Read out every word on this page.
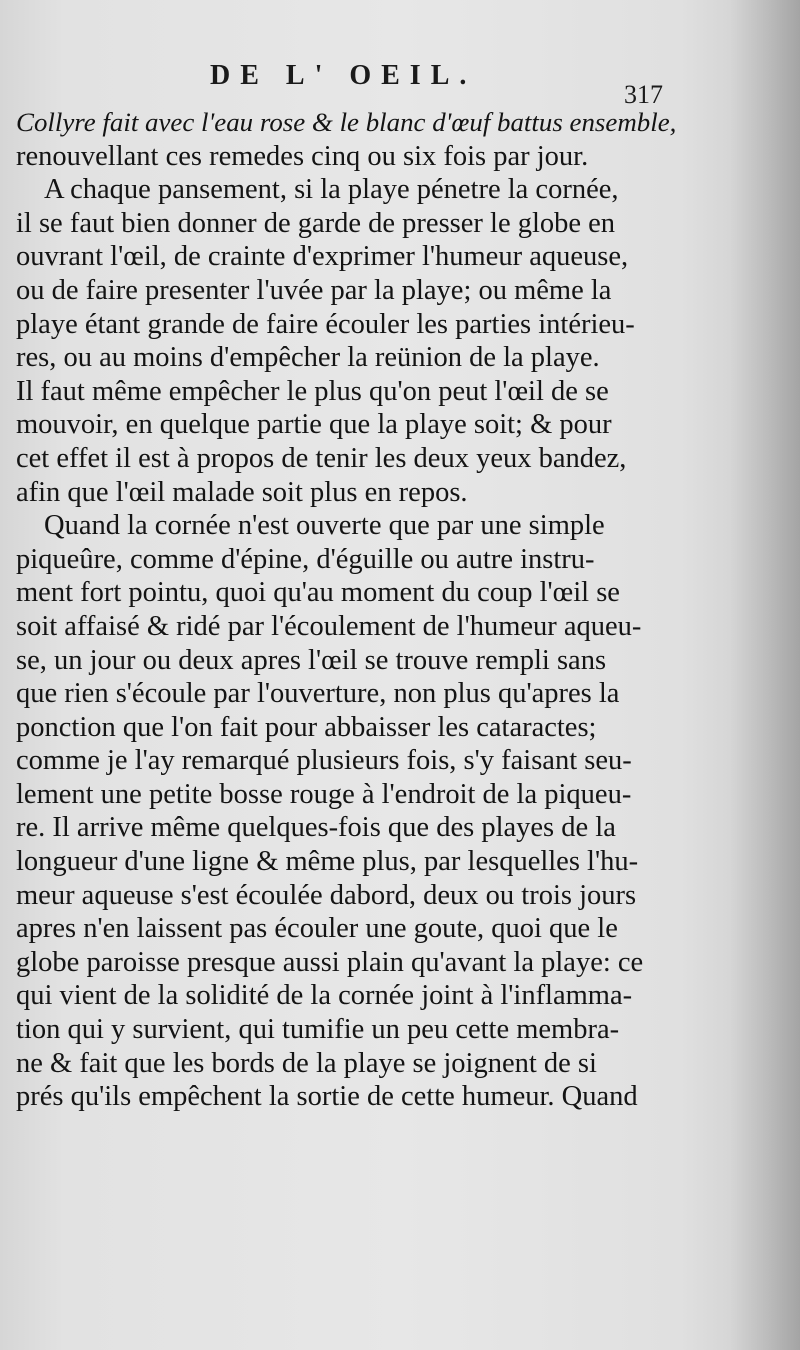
DE L' OEIL.
317
Collyre fait avec l'eau rose & le blanc d'œuf battus ensemble,
renouvellant ces remedes cinq ou six fois par jour.
A chaque pansement, si la playe pénetre la cornée,
il se faut bien donner de garde de presser le globe en
ouvrant l'œil, de crainte d'exprimer l'humeur aqueuse,
ou de faire presenter l'uvée par la playe; ou même la
playe étant grande de faire écouler les parties intérieu-
res, ou au moins d'empêcher la reünion de la playe.
Il faut même empêcher le plus qu'on peut l'œil de se
mouvoir, en quelque partie que la playe soit; & pour
cet effet il est à propos de tenir les deux yeux bandez,
afin que l'œil malade soit plus en repos.
Quand la cornée n'est ouverte que par une simple
piqueûre, comme d'épine, d'éguille ou autre instru-
ment fort pointu, quoi qu'au moment du coup l'œil se
soit affaisé & ridé par l'écoulement de l'humeur aqueu-
se, un jour ou deux apres l'œil se trouve rempli sans
que rien s'écoule par l'ouverture, non plus qu'apres la
ponction que l'on fait pour abbaisser les cataractes;
comme je l'ay remarqué plusieurs fois, s'y faisant seu-
lement une petite bosse rouge à l'endroit de la piqueu-
re. Il arrive même quelques-fois que des playes de la
longueur d'une ligne & même plus, par lesquelles l'hu-
meur aqueuse s'est écoulée dabord, deux ou trois jours
apres n'en laissent pas écouler une goute, quoi que le
globe paroisse presque aussi plain qu'avant la playe: ce
qui vient de la solidité de la cornée joint à l'inflamma-
tion qui y survient, qui tumifie un peu cette membra-
ne & fait que les bords de la playe se joignent de si
prés qu'ils empêchent la sortie de cette humeur. Quand
